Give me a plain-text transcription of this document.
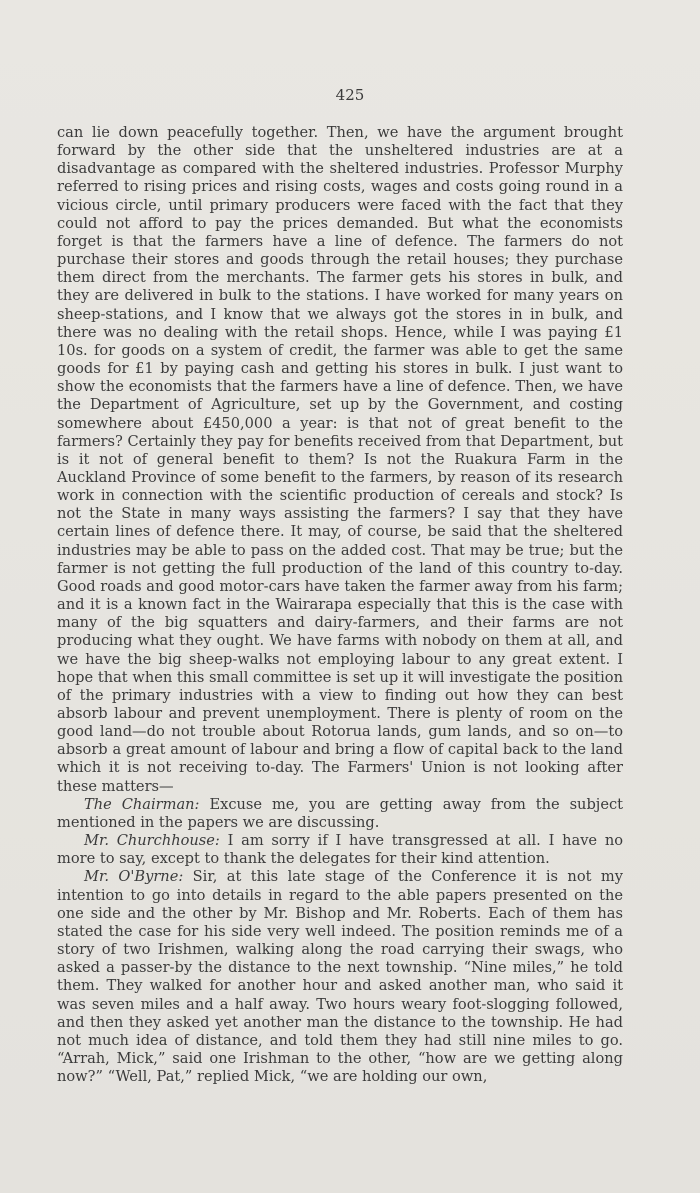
425

can lie down peacefully together. Then, we have the argument brought forward by the other side that the unsheltered industries are at a disadvantage as compared with the sheltered industries. Professor Murphy referred to rising prices and rising costs, wages and costs going round in a vicious circle, until primary producers were faced with the fact that they could not afford to pay the prices demanded. But what the economists forget is that the farmers have a line of defence. The farmers do not purchase their stores and goods through the retail houses; they purchase them direct from the merchants. The farmer gets his stores in bulk, and they are delivered in bulk to the stations. I have worked for many years on sheep-stations, and I know that we always got the stores in in bulk, and there was no dealing with the retail shops. Hence, while I was paying £1 10s. for goods on a system of credit, the farmer was able to get the same goods for £1 by paying cash and getting his stores in bulk. I just want to show the economists that the farmers have a line of defence. Then, we have the Department of Agriculture, set up by the Government, and costing somewhere about £450,000 a year: is that not of great benefit to the farmers? Certainly they pay for benefits received from that Department, but is it not of general benefit to them? Is not the Ruakura Farm in the Auckland Province of some benefit to the farmers, by reason of its research work in connection with the scientific production of cereals and stock? Is not the State in many ways assisting the farmers? I say that they have certain lines of defence there. It may, of course, be said that the sheltered industries may be able to pass on the added cost. That may be true; but the farmer is not getting the full production of the land of this country to-day. Good roads and good motor-cars have taken the farmer away from his farm; and it is a known fact in the Wairarapa especially that this is the case with many of the big squatters and dairy-farmers, and their farms are not producing what they ought. We have farms with nobody on them at all, and we have the big sheep-walks not employing labour to any great extent. I hope that when this small committee is set up it will investigate the position of the primary industries with a view to finding out how they can best absorb labour and prevent unemployment. There is plenty of room on the good land—do not trouble about Rotorua lands, gum lands, and so on—to absorb a great amount of labour and bring a flow of capital back to the land which it is not receiving to-day. The Farmers' Union is not looking after these matters—

The Chairman: Excuse me, you are getting away from the subject mentioned in the papers we are discussing.

Mr. Churchhouse: I am sorry if I have transgressed at all. I have no more to say, except to thank the delegates for their kind attention.

Mr. O'Byrne: Sir, at this late stage of the Conference it is not my intention to go into details in regard to the able papers presented on the one side and the other by Mr. Bishop and Mr. Roberts. Each of them has stated the case for his side very well indeed. The position reminds me of a story of two Irishmen, walking along the road carrying their swags, who asked a passer-by the distance to the next township. “Nine miles,” he told them. They walked for another hour and asked another man, who said it was seven miles and a half away. Two hours weary foot-slogging followed, and then they asked yet another man the distance to the township. He had not much idea of distance, and told them they had still nine miles to go. “Arrah, Mick,” said one Irishman to the other, “how are we getting along now?” “Well, Pat,” replied Mick, “we are holding our own,
